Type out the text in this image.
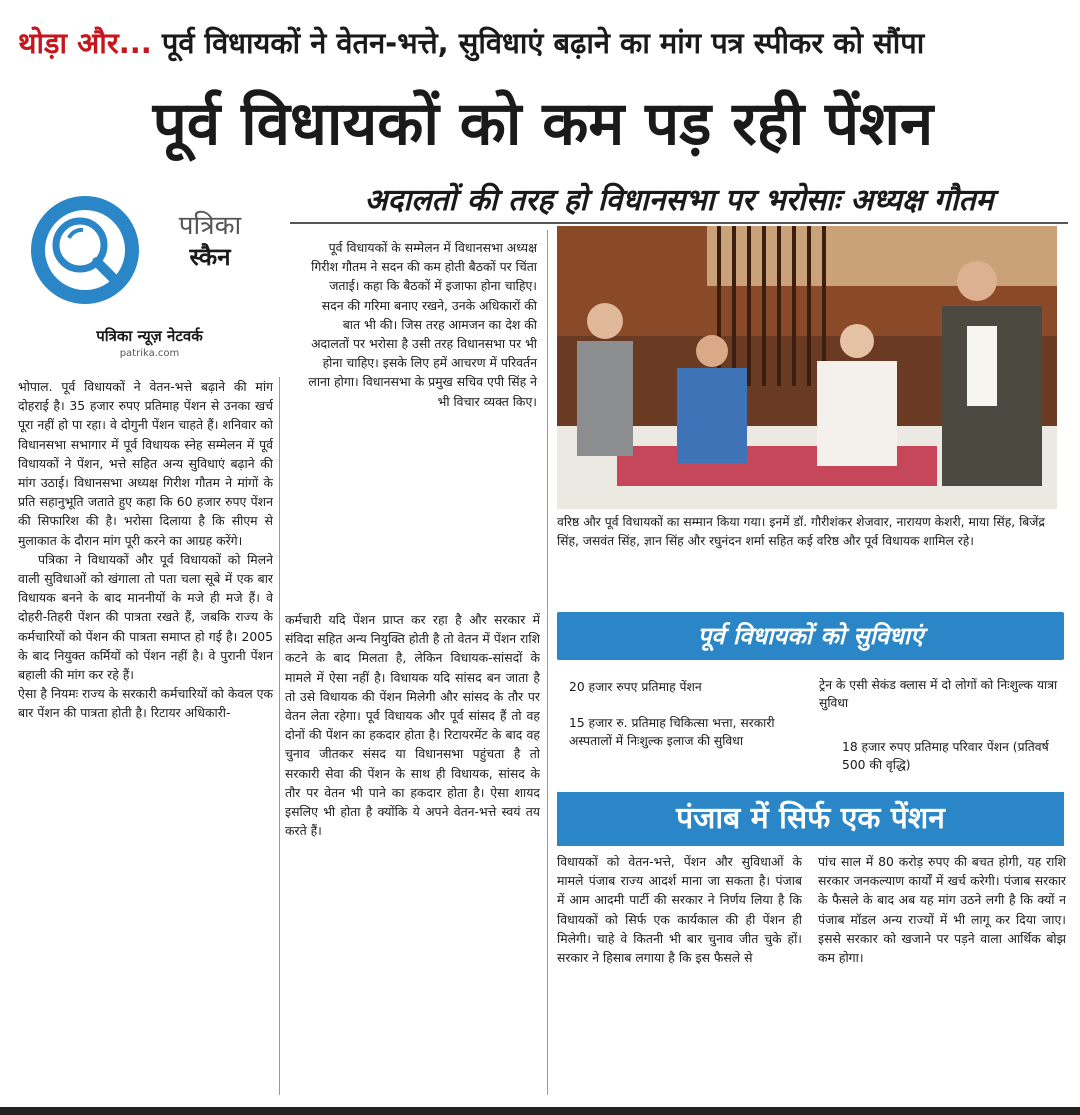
थोड़ा और... पूर्व विधायकों ने वेतन-भत्ते, सुविधाएं बढ़ाने का मांग पत्र स्पीकर को सौंपा
पूर्व विधायकों को कम पड़ रही पेंशन
अदालतों की तरह हो विधानसभा पर भरोसाः अध्यक्ष गौतम
पत्रिका
स्कैन
पत्रिका न्यूज़ नेटवर्क
patrika.com

भोपाल. पूर्व विधायकों ने वेतन-भत्ते बढ़ाने की मांग दोहराई है। 35 हजार रुपए प्रतिमाह पेंशन से उनका खर्च पूरा नहीं हो पा रहा। वे दोगुनी पेंशन चाहते हैं। शनिवार को विधानसभा सभागार में पूर्व विधायक स्नेह सम्मेलन में पूर्व विधायकों ने पेंशन, भत्ते सहित अन्य सुविधाएं बढ़ाने की मांग उठाई। विधानसभा अध्यक्ष गिरीश गौतम ने मांगों के प्रति सहानुभूति जताते हुए कहा कि 60 हजार रुपए पेंशन की सिफारिश की है। भरोसा दिलाया है कि सीएम से मुलाकात के दौरान मांग पूरी करने का आग्रह करेंगे।

पत्रिका ने विधायकों और पूर्व विधायकों को मिलने वाली सुविधाओं को खंगाला तो पता चला सूबे में एक बार विधायक बनने के बाद माननीयों के मजे ही मजे हैं। वे दोहरी-तिहरी पेंशन की पात्रता रखते हैं, जबकि राज्य के कर्मचारियों को पेंशन की पात्रता समाप्त हो गई है। 2005 के बाद नियुक्त कर्मियों को पेंशन नहीं है। वे पुरानी पेंशन बहाली की मांग कर रहे हैं।

ऐसा है नियमः राज्य के सरकारी कर्मचारियों को केवल एक बार पेंशन की पात्रता होती है। रिटायर अधिकारी-

पूर्व विधायकों के सम्मेलन में विधानसभा अध्यक्ष गिरीश गौतम ने सदन की कम होती बैठकों पर चिंता जताई। कहा कि बैठकों में इजाफा होना चाहिए। सदन की गरिमा बनाए रखने, उनके अधिकारों की बात भी की। जिस तरह आमजन का देश की अदालतों पर भरोसा है उसी तरह विधानसभा पर भी होना चाहिए। इसके लिए हमें आचरण में परिवर्तन लाना होगा। विधानसभा के प्रमुख सचिव एपी सिंह ने भी विचार व्यक्त किए।
कर्मचारी यदि पेंशन प्राप्त कर रहा है और सरकार में संविदा सहित अन्य नियुक्ति होती है तो वेतन में पेंशन राशि कटने के बाद मिलता है, लेकिन विधायक-सांसदों के मामले में ऐसा नहीं है। विधायक यदि सांसद बन जाता है तो उसे विधायक की पेंशन मिलेगी और सांसद के तौर पर वेतन लेता रहेगा। पूर्व विधायक और पूर्व सांसद हैं तो वह दोनों की पेंशन का हकदार होता है। रिटायरमेंट के बाद वह चुनाव जीतकर संसद या विधानसभा पहुंचता है तो सरकारी सेवा की पेंशन के साथ ही विधायक, सांसद के तौर पर वेतन भी पाने का हकदार होता है। ऐसा शायद इसलिए भी होता है क्योंकि ये अपने वेतन-भत्ते स्वयं तय करते हैं।
वरिष्ठ और पूर्व विधायकों का सम्मान किया गया। इनमें डॉ. गौरीशंकर शेजवार, नारायण केशरी, माया सिंह, बिजेंद्र सिंह, जसवंत सिंह, ज्ञान सिंह और रघुनंदन शर्मा सहित कई वरिष्ठ और पूर्व विधायक शामिल रहे।
पूर्व विधायकों को सुविधाएं
20 हजार रुपए प्रतिमाह पेंशन
15 हजार रु. प्रतिमाह चिकित्सा भत्ता, सरकारी अस्पतालों में निःशुल्क इलाज की सुविधा
ट्रेन के एसी सेकंड क्लास में दो लोगों को निःशुल्क यात्रा सुविधा
18 हजार रुपए प्रतिमाह परिवार पेंशन (प्रतिवर्ष 500 की वृद्धि)
पंजाब में सिर्फ एक पेंशन
विधायकों को वेतन-भत्ते, पेंशन और सुविधाओं के मामले पंजाब राज्य आदर्श माना जा सकता है। पंजाब में आम आदमी पार्टी की सरकार ने निर्णय लिया है कि विधायकों को सिर्फ एक कार्यकाल की ही पेंशन ही मिलेगी। चाहे वे कितनी भी बार चुनाव जीत चुके हों। सरकार ने हिसाब लगाया है कि इस फैसले से
पांच साल में 80 करोड़ रुपए की बचत होगी, यह राशि सरकार जनकल्याण कार्यों में खर्च करेगी। पंजाब सरकार के फैसले के बाद अब यह मांग उठने लगी है कि क्यों न पंजाब मॉडल अन्य राज्यों में भी लागू कर दिया जाए। इससे सरकार को खजाने पर पड़ने वाला आर्थिक बोझ कम होगा।
